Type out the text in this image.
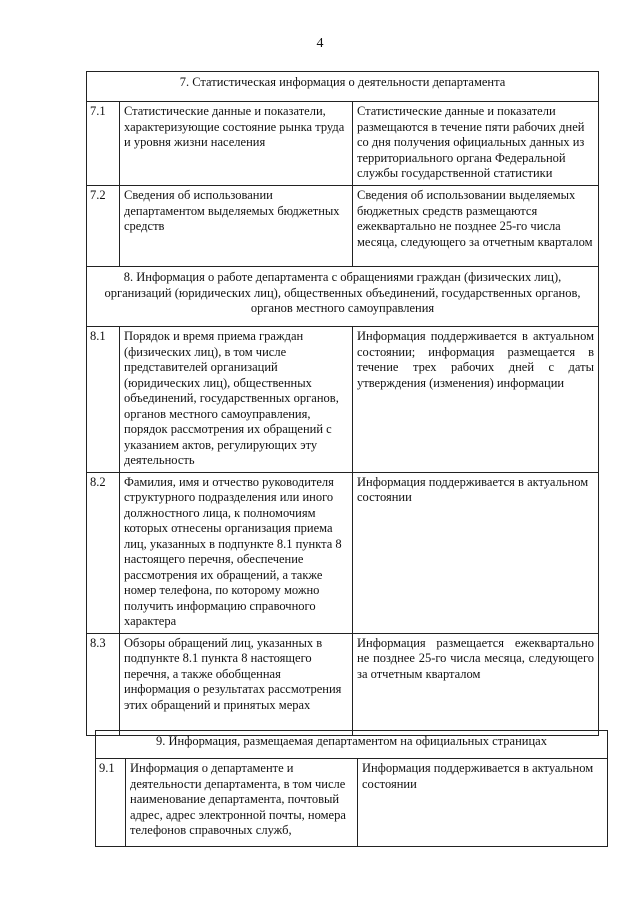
4
7. Статистическая информация о деятельности департамента		
7.1	Статистические данные и показатели, характеризующие состояние рынка труда и уровня жизни населения	Статистические данные и показатели размещаются в течение пяти рабочих дней со дня получения официальных данных из территориального органа Федеральной службы государственной статистики
7.2	Сведения об использовании департаментом выделяемых бюджетных средств	Сведения об использовании выделяемых бюджетных средств размещаются ежеквартально не позднее 25-го числа месяца, следующего за отчетным кварталом
8. Информация о работе департамента с обращениями граждан (физических лиц), организаций (юридических лиц), общественных объединений, государственных органов, органов местного самоуправления		
8.1	Порядок и время приема граждан (физических лиц), в том числе представителей организаций (юридических лиц), общественных объединений, государственных органов, органов местного самоуправления, порядок рассмотрения их обращений с указанием актов, регулирующих эту деятельность	Информация поддерживается в актуальном состоянии; информация размещается в течение трех рабочих дней с даты утверждения (изменения) информации
8.2	Фамилия, имя и отчество руководителя структурного подразделения или иного должностного лица, к полномочиям которых отнесены организация приема лиц, указанных в подпункте 8.1 пункта 8 настоящего перечня, обеспечение рассмотрения их обращений, а также номер телефона, по которому можно получить информацию справочного характера	Информация поддерживается в актуальном состоянии
8.3	Обзоры обращений лиц, указанных в подпункте 8.1 пункта 8 настоящего перечня, а также обобщенная информация о результатах рассмотрения этих обращений и принятых мерах	Информация размещается ежеквартально не позднее 25-го числа месяца, следующего за отчетным кварталом
9. Информация, размещаемая департаментом на официальных страницах
9.1	Информация о департаменте и деятельности департамента, в том числе наименование департамента, почтовый адрес, адрес электронной почты, номера телефонов справочных служб,	Информация поддерживается в актуальном состоянии
